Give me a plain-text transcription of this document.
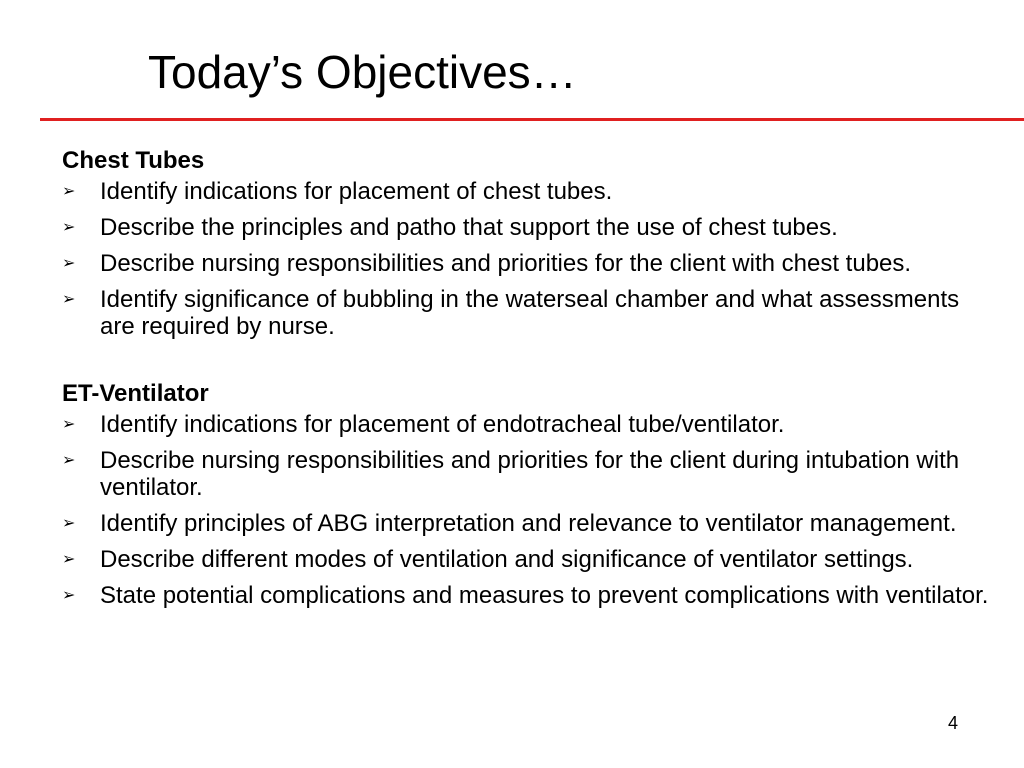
Today’s Objectives…
Chest Tubes
➢ Identify indications for placement of chest tubes.
➢ Describe the principles and patho that support the use of chest tubes.
➢ Describe nursing responsibilities and priorities for the client with chest tubes.
➢ Identify significance of bubbling in the waterseal chamber and what assessments are required by nurse.
ET-Ventilator
➢ Identify indications for placement of endotracheal tube/ventilator.
➢ Describe nursing responsibilities and priorities for the client during intubation with ventilator.
➢ Identify principles of ABG interpretation and relevance to ventilator management.
➢ Describe different modes of ventilation and significance of ventilator settings.
➢ State potential complications and measures to prevent complications with ventilator.
4
